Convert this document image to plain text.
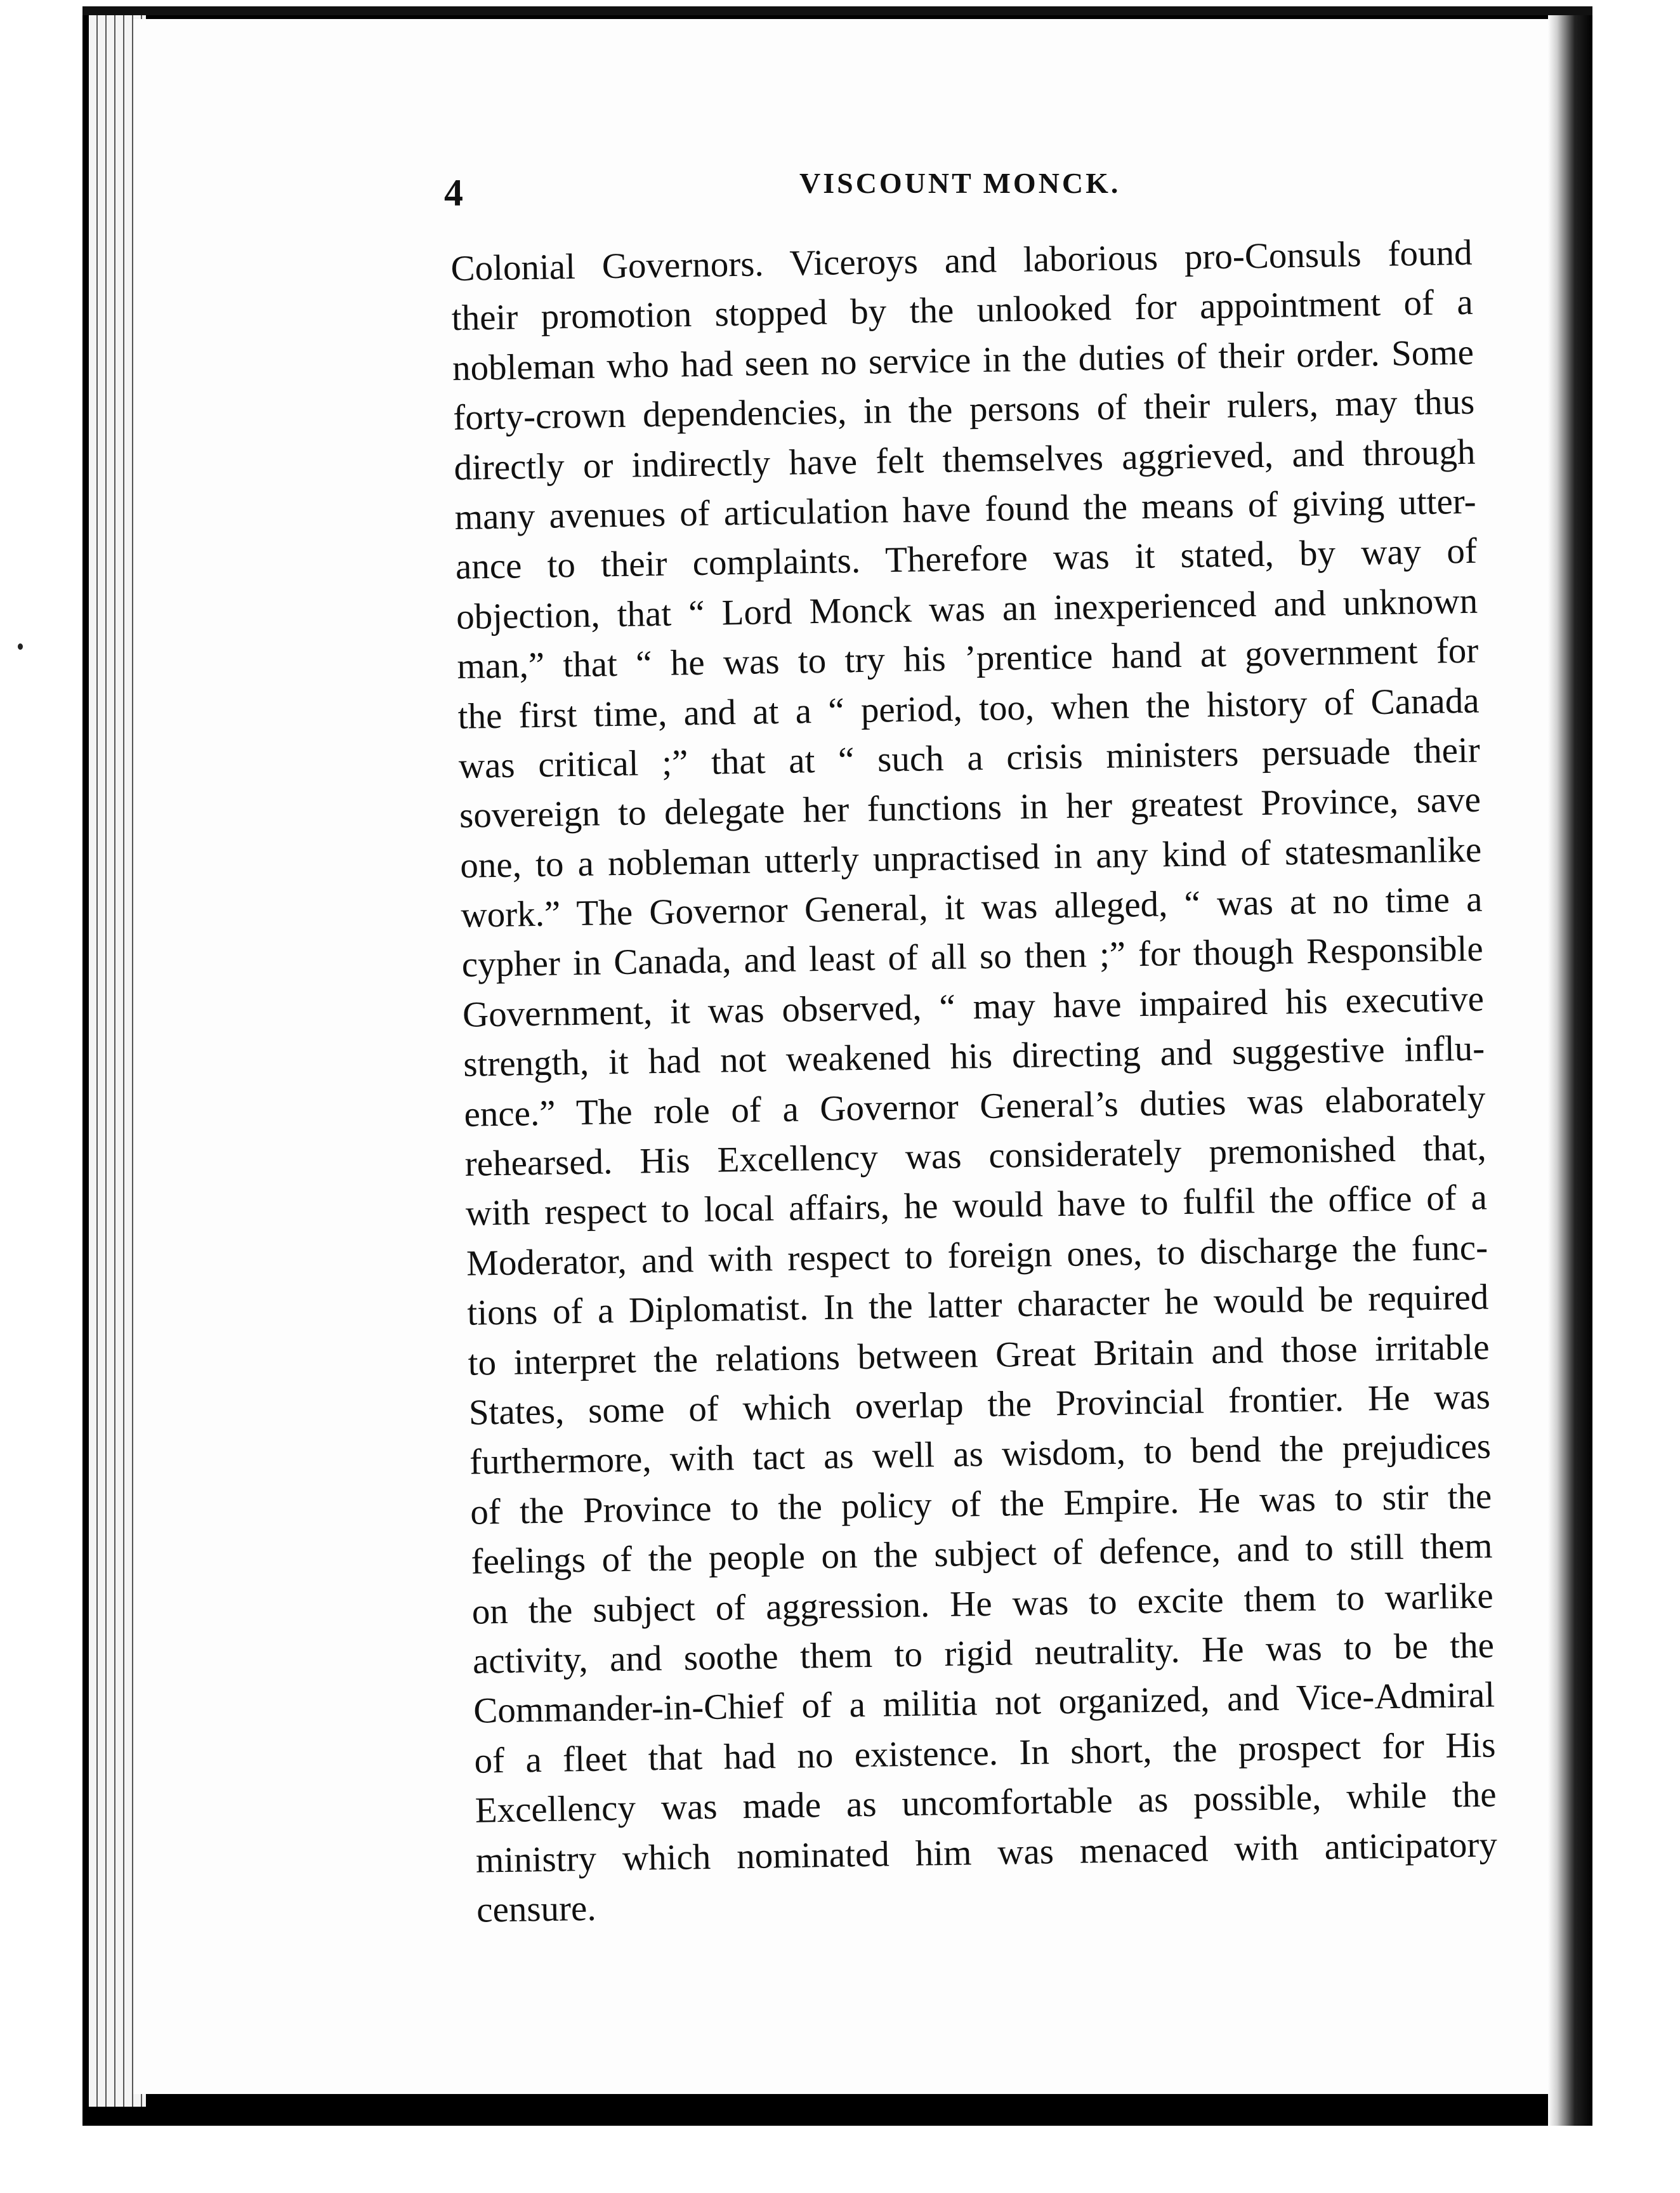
4	VISCOUNT MONCK.
Colonial Governors. Viceroys and laborious pro-Consuls found
their promotion stopped by the unlooked for appointment of a
nobleman who had seen no service in the duties of their order. Some
forty-crown dependencies, in the persons of their rulers, may thus
directly or indirectly have felt themselves aggrieved, and through
many avenues of articulation have found the means of giving utter-
ance to their complaints. Therefore was it stated, by way of
objection, that “ Lord Monck was an inexperienced and unknown
man,” that “ he was to try his ’prentice hand at government for
the first time, and at a “ period, too, when the history of Canada
was critical ;” that at “ such a crisis ministers persuade their
sovereign to delegate her functions in her greatest Province, save
one, to a nobleman utterly unpractised in any kind of statesmanlike
work.” The Governor General, it was alleged, “ was at no time a
cypher in Canada, and least of all so then ;” for though Responsible
Government, it was observed, “ may have impaired his executive
strength, it had not weakened his directing and suggestive influ-
ence.” The role of a Governor General’s duties was elaborately
rehearsed. His Excellency was considerately premonished that,
with respect to local affairs, he would have to fulfil the office of a
Moderator, and with respect to foreign ones, to discharge the func-
tions of a Diplomatist. In the latter character he would be required
to interpret the relations between Great Britain and those irritable
States, some of which overlap the Provincial frontier. He was
furthermore, with tact as well as wisdom, to bend the prejudices
of the Province to the policy of the Empire. He was to stir the
feelings of the people on the subject of defence, and to still them
on the subject of aggression. He was to excite them to warlike
activity, and soothe them to rigid neutrality. He was to be the
Commander-in-Chief of a militia not organized, and Vice-Admiral
of a fleet that had no existence. In short, the prospect for His
Excellency was made as uncomfortable as possible, while the
ministry which nominated him was menaced with anticipatory
censure.
